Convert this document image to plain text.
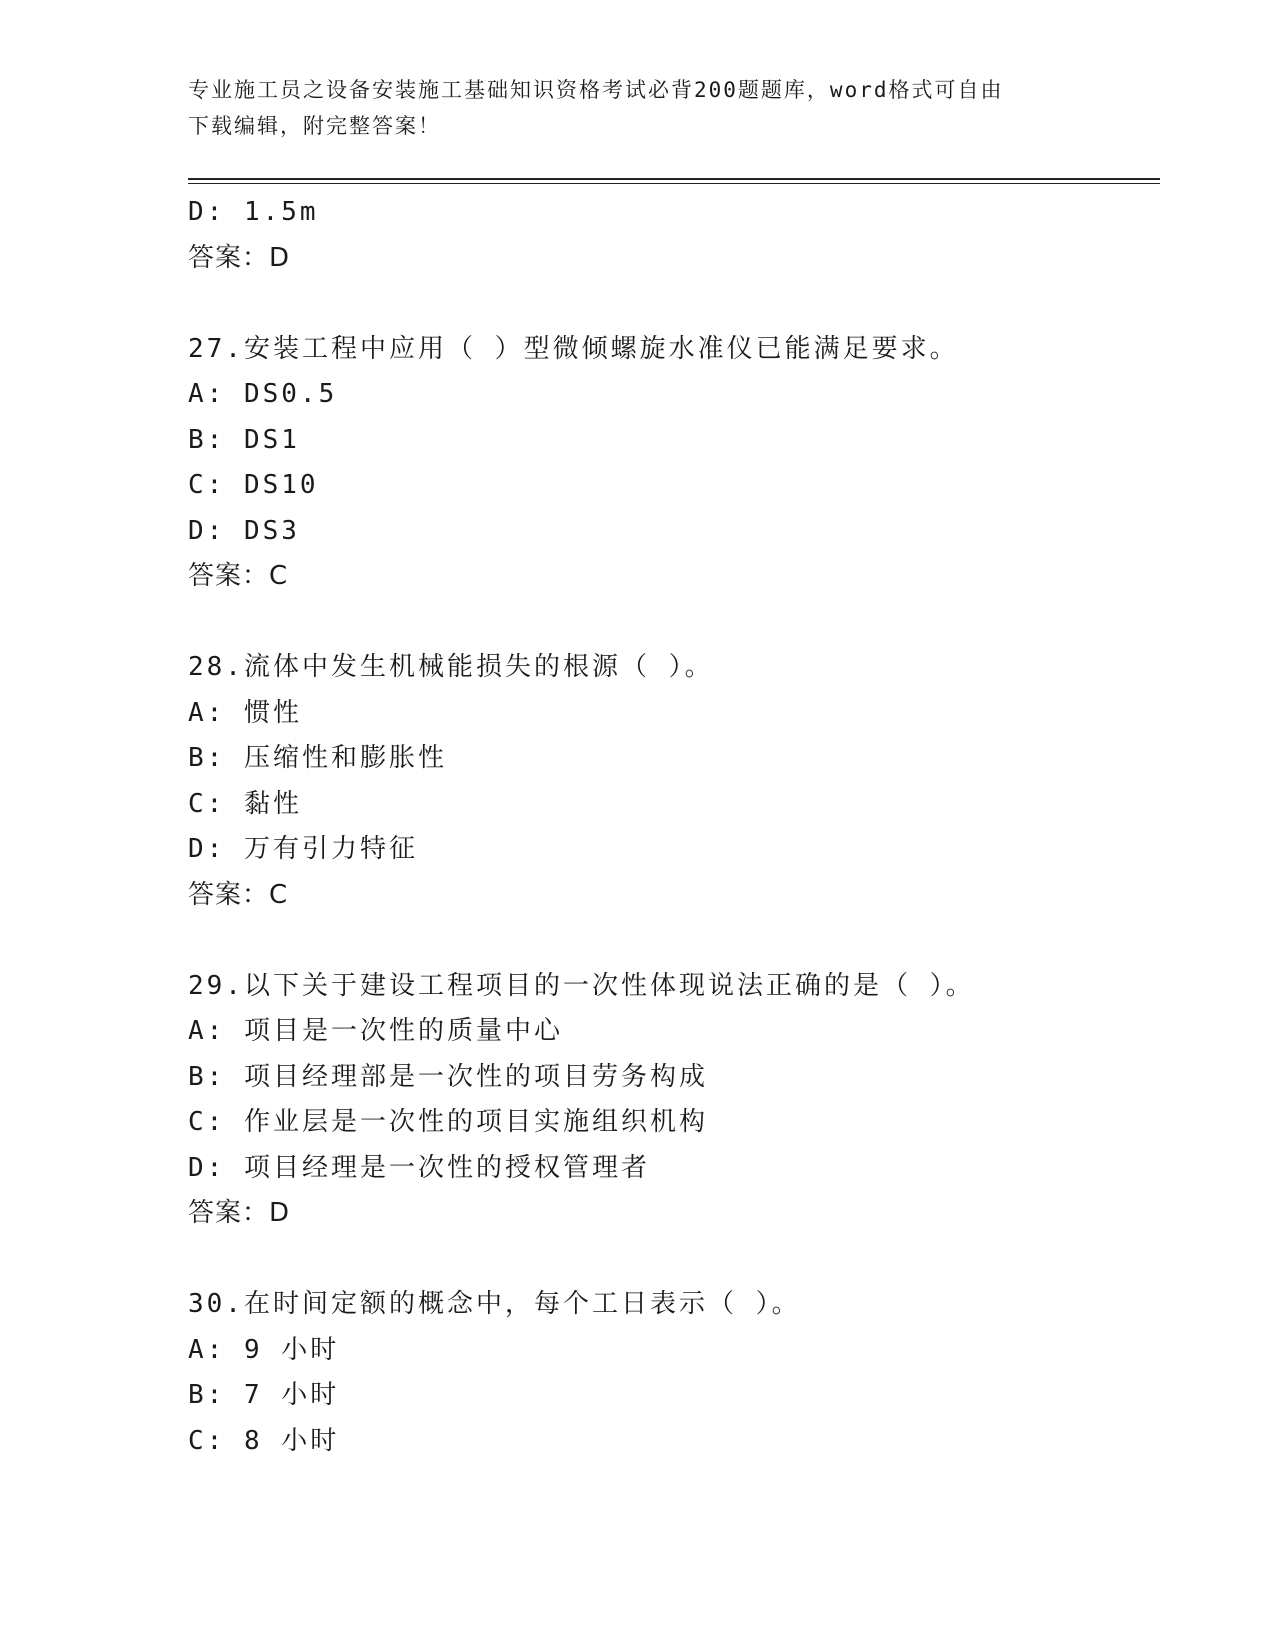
专业施工员之设备安装施工基础知识资格考试必背200题题库，word格式可自由
下载编辑，附完整答案！
D: 1.5m
答案：D
27.安装工程中应用（ ）型微倾螺旋水准仪已能满足要求。
A: DS0.5
B: DS1
C: DS10
D: DS3
答案：C
28.流体中发生机械能损失的根源（ ）。
A: 惯性
B: 压缩性和膨胀性
C: 黏性
D: 万有引力特征
答案：C
29.以下关于建设工程项目的一次性体现说法正确的是（ ）。
A: 项目是一次性的质量中心
B: 项目经理部是一次性的项目劳务构成
C: 作业层是一次性的项目实施组织机构
D: 项目经理是一次性的授权管理者
答案：D
30.在时间定额的概念中，每个工日表示（ ）。
A: 9 小时
B: 7 小时
C: 8 小时
